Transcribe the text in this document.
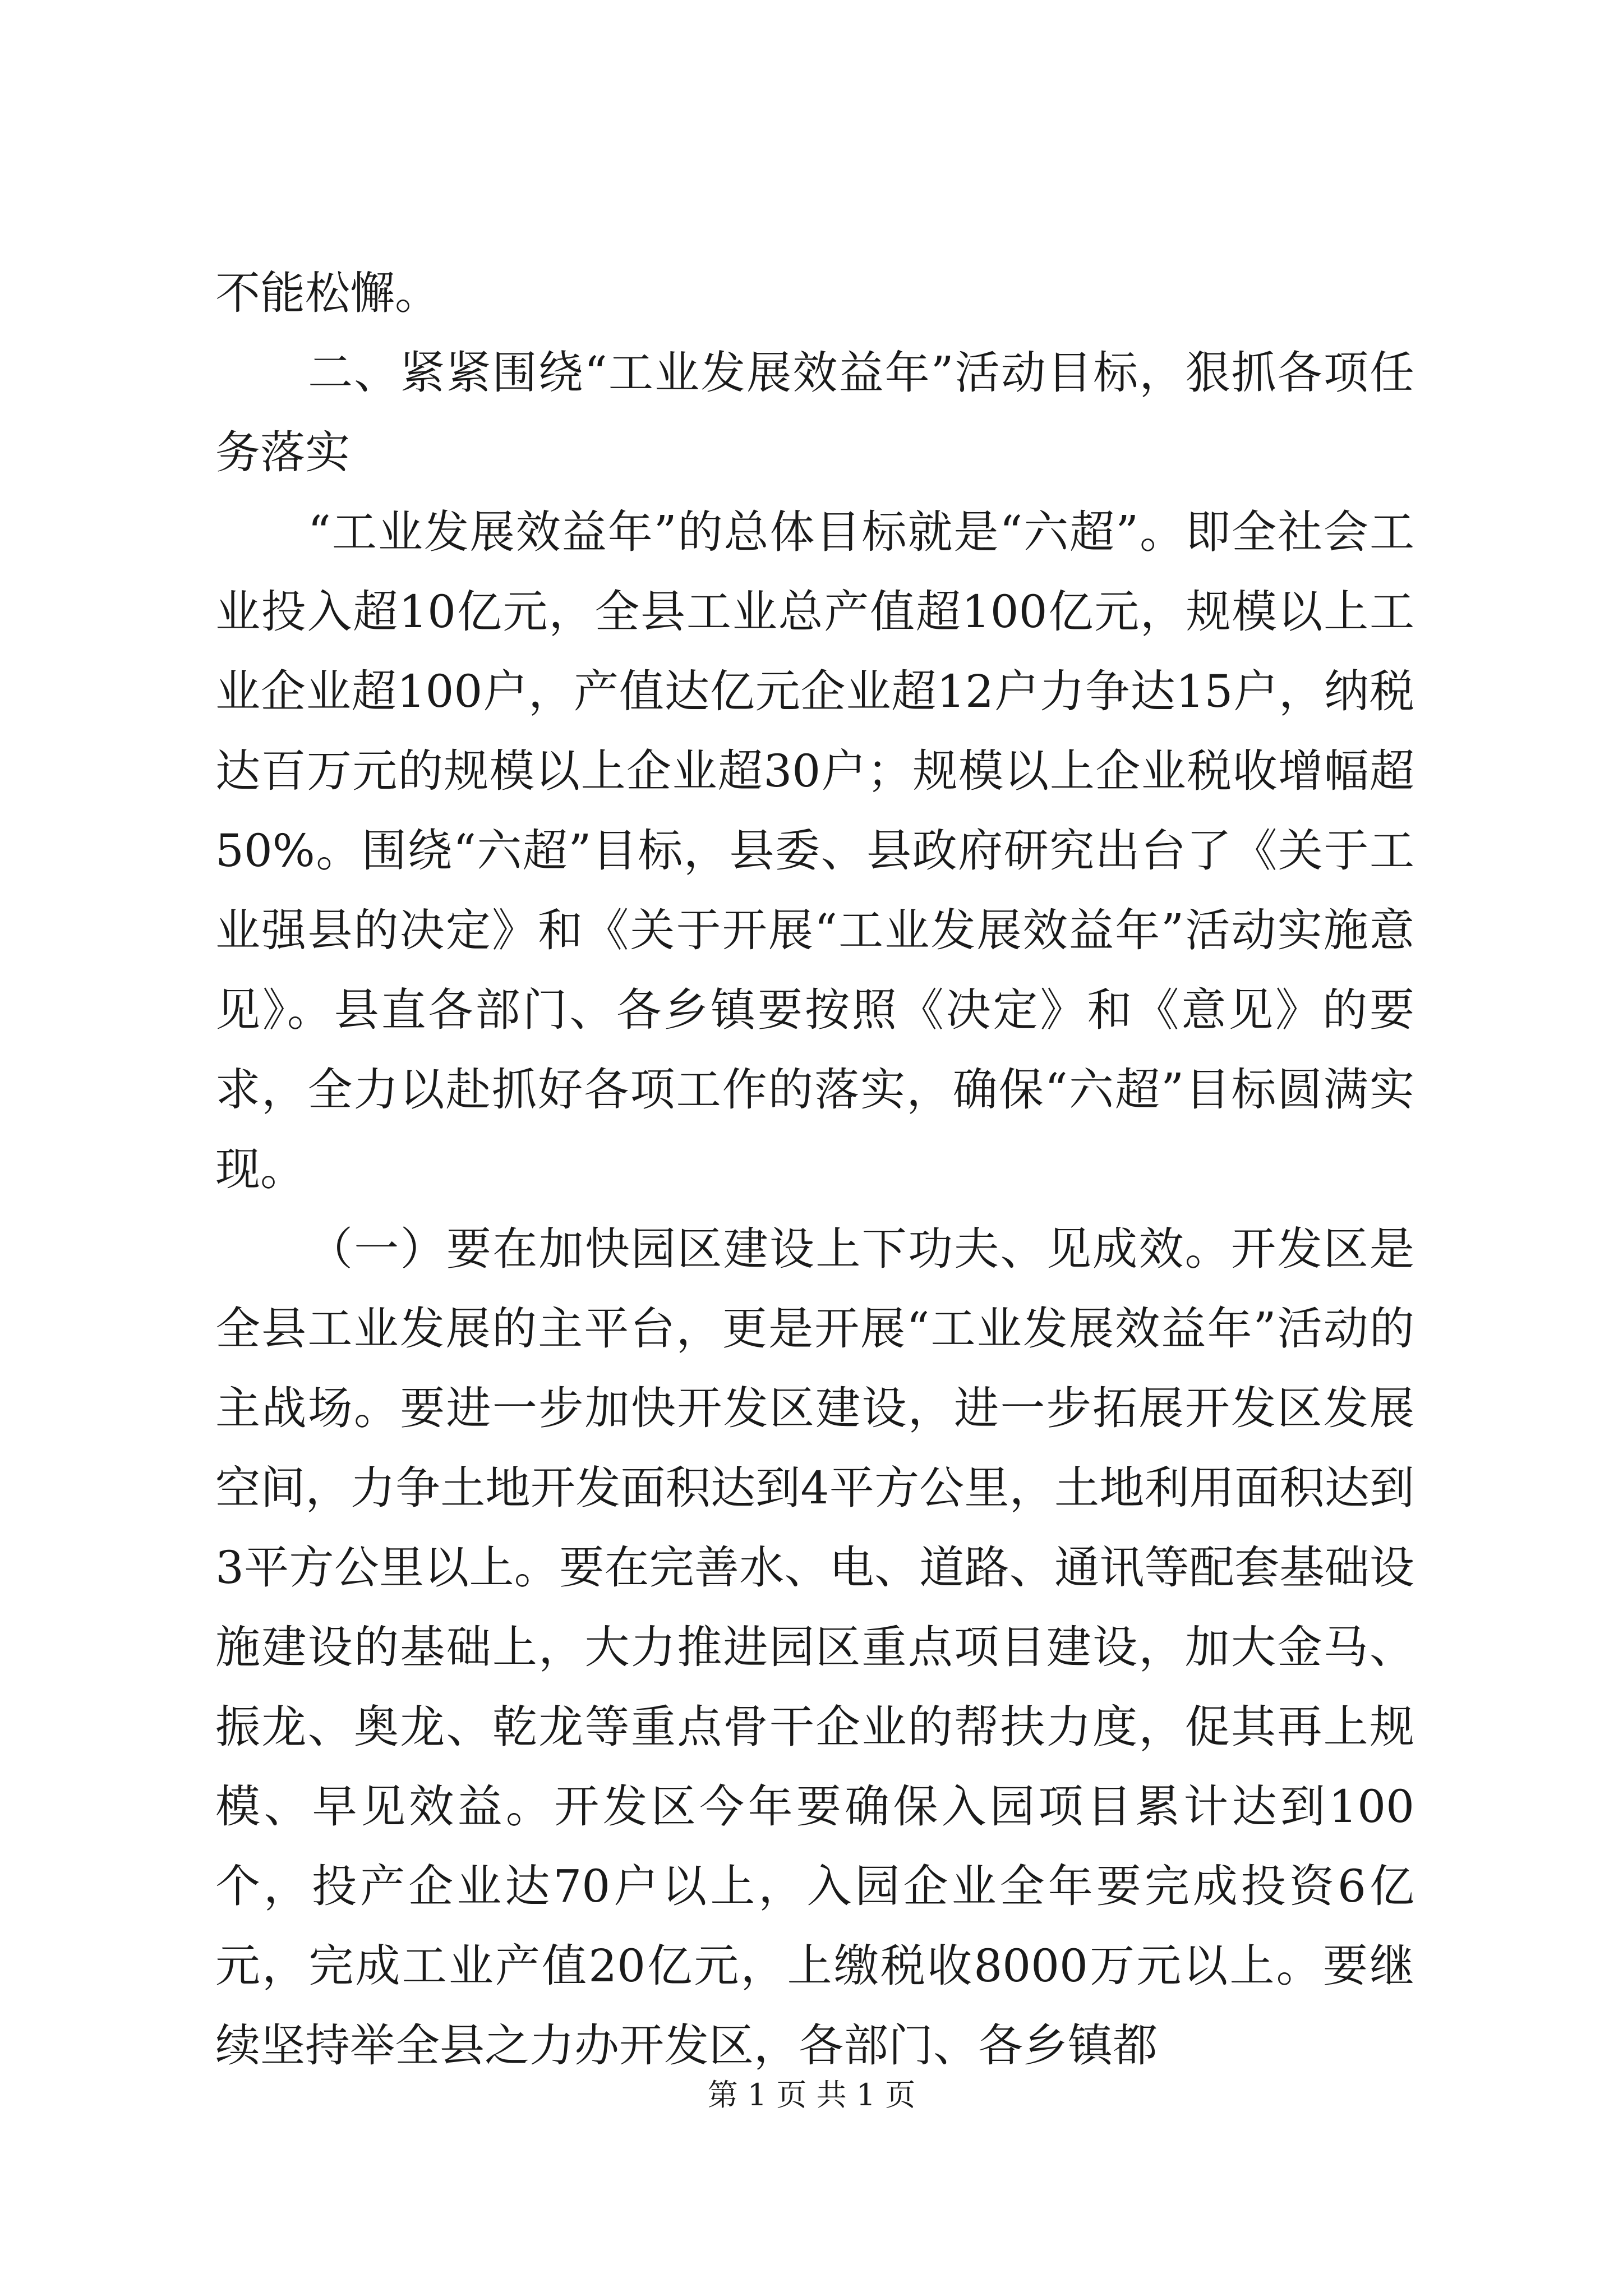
不能松懈。

二、紧紧围绕“工业发展效益年”活动目标，狠抓各项任务落实

“工业发展效益年”的总体目标就是“六超”。即全社会工业投入超10亿元，全县工业总产值超100亿元，规模以上工业企业超100户，产值达亿元企业超12户力争达15户，纳税达百万元的规模以上企业超30户；规模以上企业税收增幅超50%。围绕“六超”目标，县委、县政府研究出台了《关于工业强县的决定》和《关于开展“工业发展效益年”活动实施意见》。县直各部门、各乡镇要按照《决定》和《意见》的要求，全力以赴抓好各项工作的落实，确保“六超”目标圆满实现。

（一）要在加快园区建设上下功夫、见成效。开发区是全县工业发展的主平台，更是开展“工业发展效益年”活动的主战场。要进一步加快开发区建设，进一步拓展开发区发展空间，力争土地开发面积达到4平方公里，土地利用面积达到3平方公里以上。要在完善水、电、道路、通讯等配套基础设施建设的基础上，大力推进园区重点项目建设，加大金马、振龙、奥龙、乾龙等重点骨干企业的帮扶力度，促其再上规模、早见效益。开发区今年要确保入园项目累计达到100个，投产企业达70户以上，入园企业全年要完成投资6亿元，完成工业产值20亿元，上缴税收8000万元以上。要继续坚持举全县之力办开发区，各部门、各乡镇都

第 1 页 共 1 页
